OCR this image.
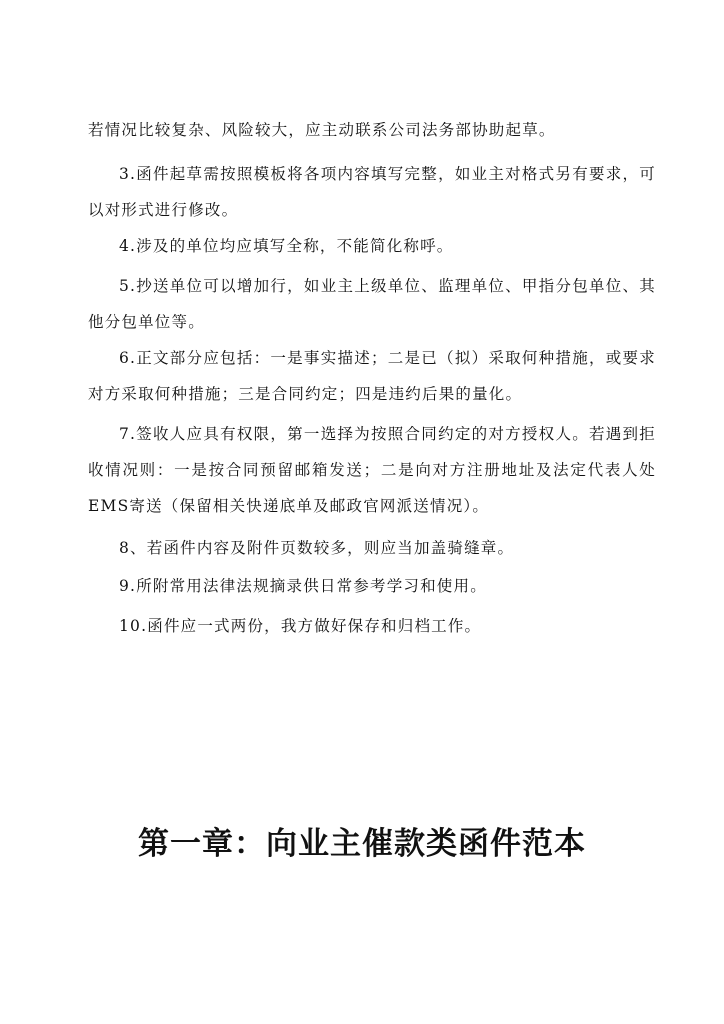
若情况比较复杂、风险较大，应主动联系公司法务部协助起草。

3.函件起草需按照模板将各项内容填写完整，如业主对格式另有要求，可以对形式进行修改。

4.涉及的单位均应填写全称，不能简化称呼。

5.抄送单位可以增加行，如业主上级单位、监理单位、甲指分包单位、其他分包单位等。

6.正文部分应包括：一是事实描述；二是已（拟）采取何种措施，或要求对方采取何种措施；三是合同约定；四是违约后果的量化。

7.签收人应具有权限，第一选择为按照合同约定的对方授权人。若遇到拒收情况则：一是按合同预留邮箱发送；二是向对方注册地址及法定代表人处EMS寄送（保留相关快递底单及邮政官网派送情况）。

8、若函件内容及附件页数较多，则应当加盖骑缝章。

9.所附常用法律法规摘录供日常参考学习和使用。

10.函件应一式两份，我方做好保存和归档工作。

第一章：向业主催款类函件范本
